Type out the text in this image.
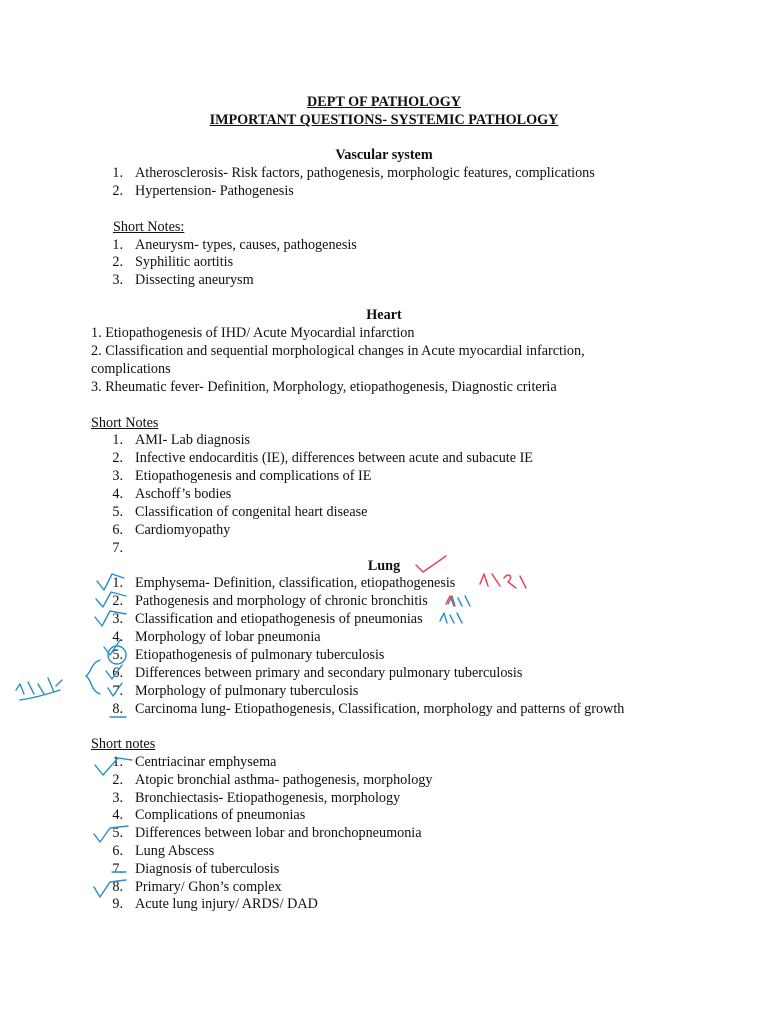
DEPT OF PATHOLOGY
IMPORTANT QUESTIONS- SYSTEMIC PATHOLOGY
Vascular system
1. Atherosclerosis- Risk factors, pathogenesis, morphologic features, complications
2. Hypertension- Pathogenesis
Short Notes:
1. Aneurysm- types, causes, pathogenesis
2. Syphilitic aortitis
3. Dissecting aneurysm
Heart
1. Etiopathogenesis of IHD/ Acute Myocardial infarction
2. Classification and sequential morphological changes in Acute myocardial infarction,
complications
3. Rheumatic fever- Definition, Morphology, etiopathogenesis, Diagnostic criteria
Short Notes
1. AMI- Lab diagnosis
2. Infective endocarditis (IE), differences between acute and subacute IE
3. Etiopathogenesis and complications of IE
4. Aschoff’s bodies
5. Classification of congenital heart disease
6. Cardiomyopathy
7.
Lung
1. Emphysema- Definition, classification, etiopathogenesis
2. Pathogenesis and morphology of chronic bronchitis
3. Classification and etiopathogenesis of pneumonias
4. Morphology of lobar pneumonia
5. Etiopathogenesis of pulmonary tuberculosis
6. Differences between primary and secondary pulmonary tuberculosis
7. Morphology of pulmonary tuberculosis
8. Carcinoma lung- Etiopathogenesis, Classification, morphology and patterns of growth
Short notes
1. Centriacinar emphysema
2. Atopic bronchial asthma- pathogenesis, morphology
3. Bronchiectasis- Etiopathogenesis, morphology
4. Complications of pneumonias
5. Differences between lobar and bronchopneumonia
6. Lung Abscess
7. Diagnosis of tuberculosis
8. Primary/ Ghon’s complex
9. Acute lung injury/ ARDS/ DAD
